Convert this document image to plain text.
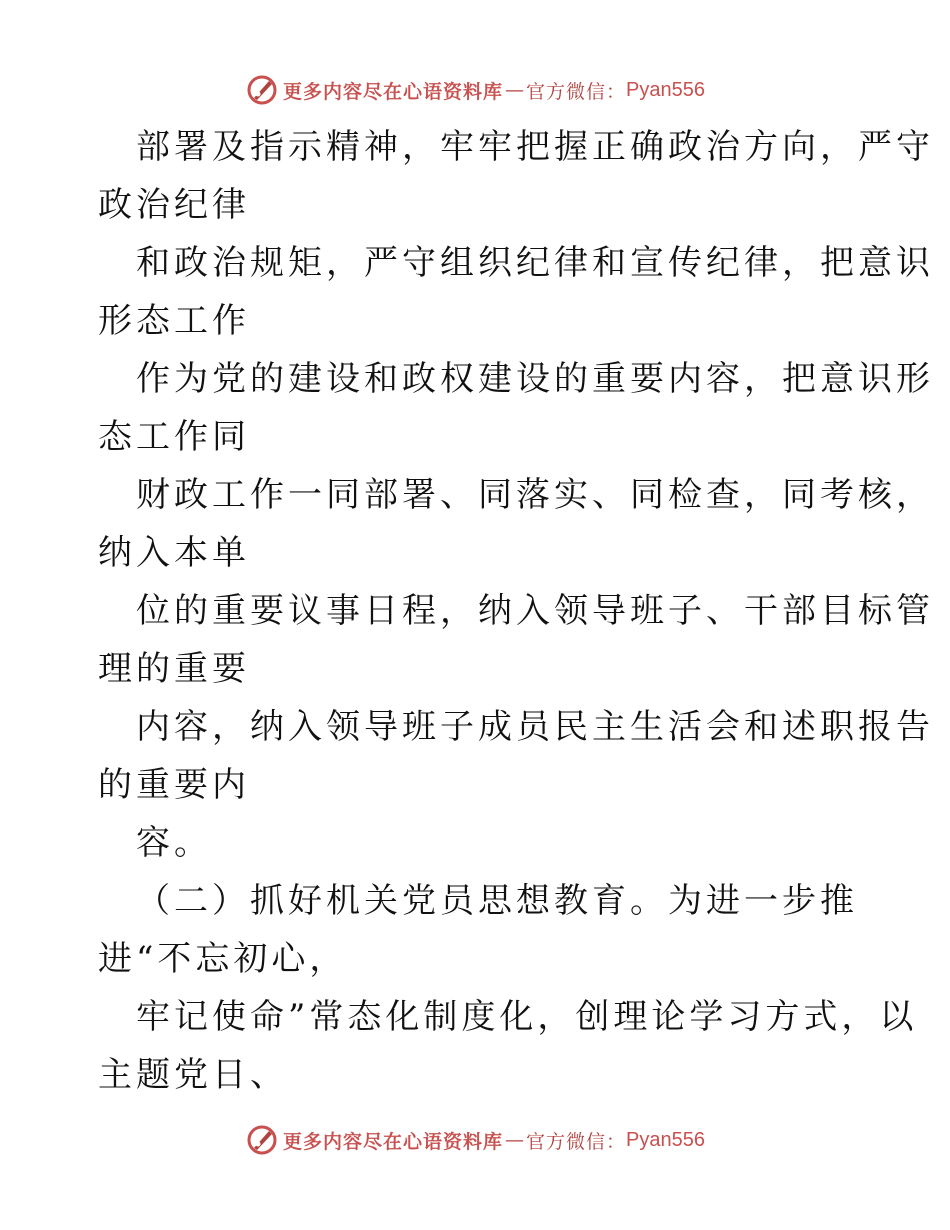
更多内容尽在心语资料库 — 官方微信： Pyan556
部署及指示精神，牢牢把握正确政治方向，严守
政治纪律
和政治规矩，严守组织纪律和宣传纪律，把意识
形态工作
作为党的建设和政权建设的重要内容，把意识形
态工作同
财政工作一同部署、同落实、同检查，同考核，
纳入本单
位的重要议事日程，纳入领导班子、干部目标管
理的重要
内容，纳入领导班子成员民主生活会和述职报告
的重要内
容。
（二）抓好机关党员思想教育。为进一步推
进“不忘初心，
牢记使命”常态化制度化，创理论学习方式，以
主题党日、
更多内容尽在心语资料库 — 官方微信： Pyan556
